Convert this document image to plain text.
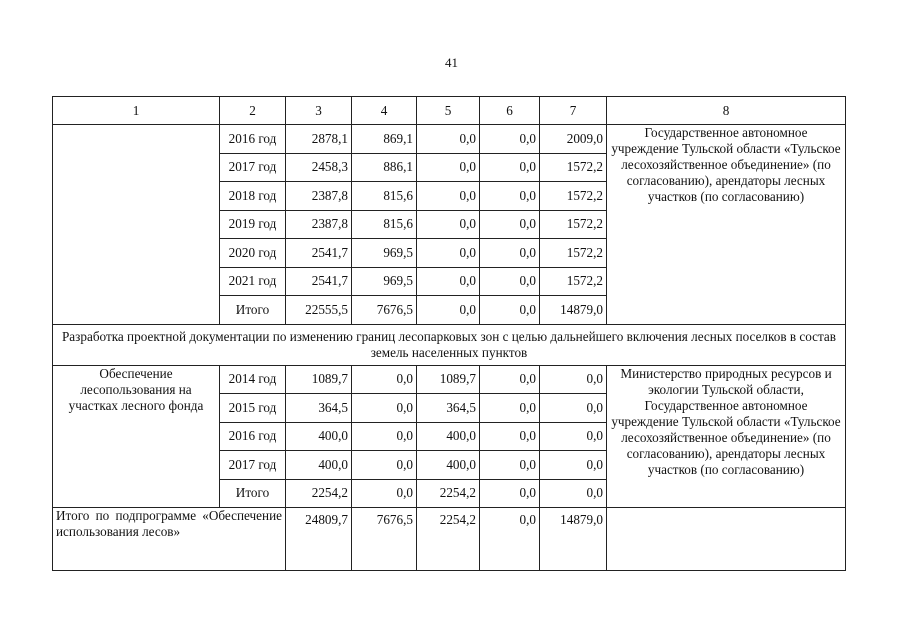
41
1	2	3	4	5	6	7	8
	2016 год	2878,1	869,1	0,0	0,0	2009,0	Государственное автономное учреждение Тульской области «Тульское лесохозяйственное объединение» (по согласованию), арендаторы лесных участков (по согласованию)
	2017 год	2458,3	886,1	0,0	0,0	1572,2	
	2018 год	2387,8	815,6	0,0	0,0	1572,2	
	2019 год	2387,8	815,6	0,0	0,0	1572,2	
	2020 год	2541,7	969,5	0,0	0,0	1572,2	
	2021 год	2541,7	969,5	0,0	0,0	1572,2	
	Итого	22555,5	7676,5	0,0	0,0	14879,0	
Разработка проектной документации по изменению границ лесопарковых зон с целью дальнейшего включения лесных поселков в состав земель населенных пунктов							
Обеспечение лесопользования на участках лесного фонда	2014 год	1089,7	0,0	1089,7	0,0	0,0	Министерство природных ресурсов и экологии Тульской области, Государственное автономное учреждение Тульской области «Тульское лесохозяйственное объединение» (по согласованию), арендаторы лесных участков (по согласованию)
	2015 год	364,5	0,0	364,5	0,0	0,0	
	2016 год	400,0	0,0	400,0	0,0	0,0	
	2017 год	400,0	0,0	400,0	0,0	0,0	
	Итого	2254,2	0,0	2254,2	0,0	0,0	
Итого по подпрограмме «Обеспечение использования лесов»		24809,7	7676,5	2254,2	0,0	14879,0	
